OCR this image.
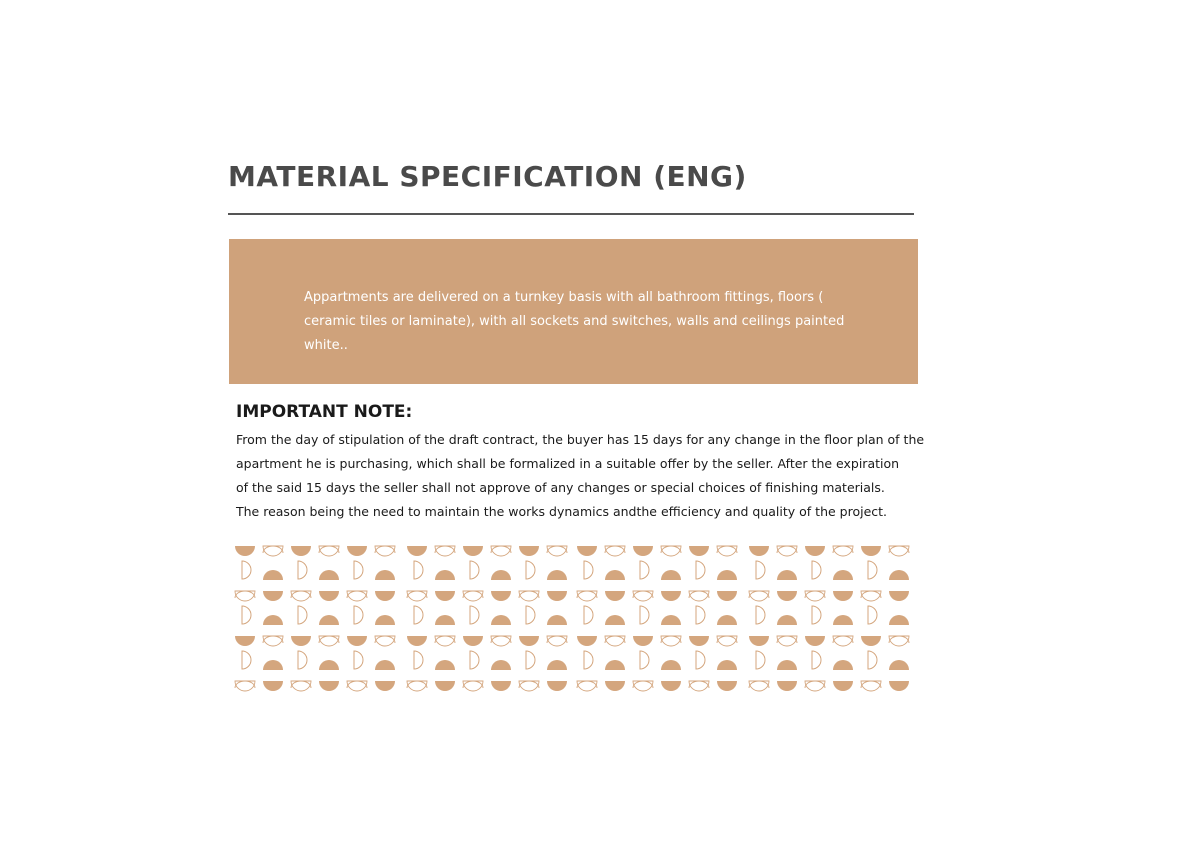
MATERIAL SPECIFICATION (ENG)

Appartments are delivered on a turnkey basis with all bathroom fittings, floors ( ceramic tiles or laminate), with all sockets and switches, walls and ceilings painted white..

IMPORTANT NOTE:
From the day of stipulation of the draft contract, the buyer has 15 days for any change in the floor plan of the
apartment he is purchasing, which shall be formalized in a suitable offer by the seller. After the expiration
of the said 15 days the seller shall not approve of any changes or special choices of finishing materials.
The reason being the need to maintain the works dynamics andthe efficiency and quality of the project.
